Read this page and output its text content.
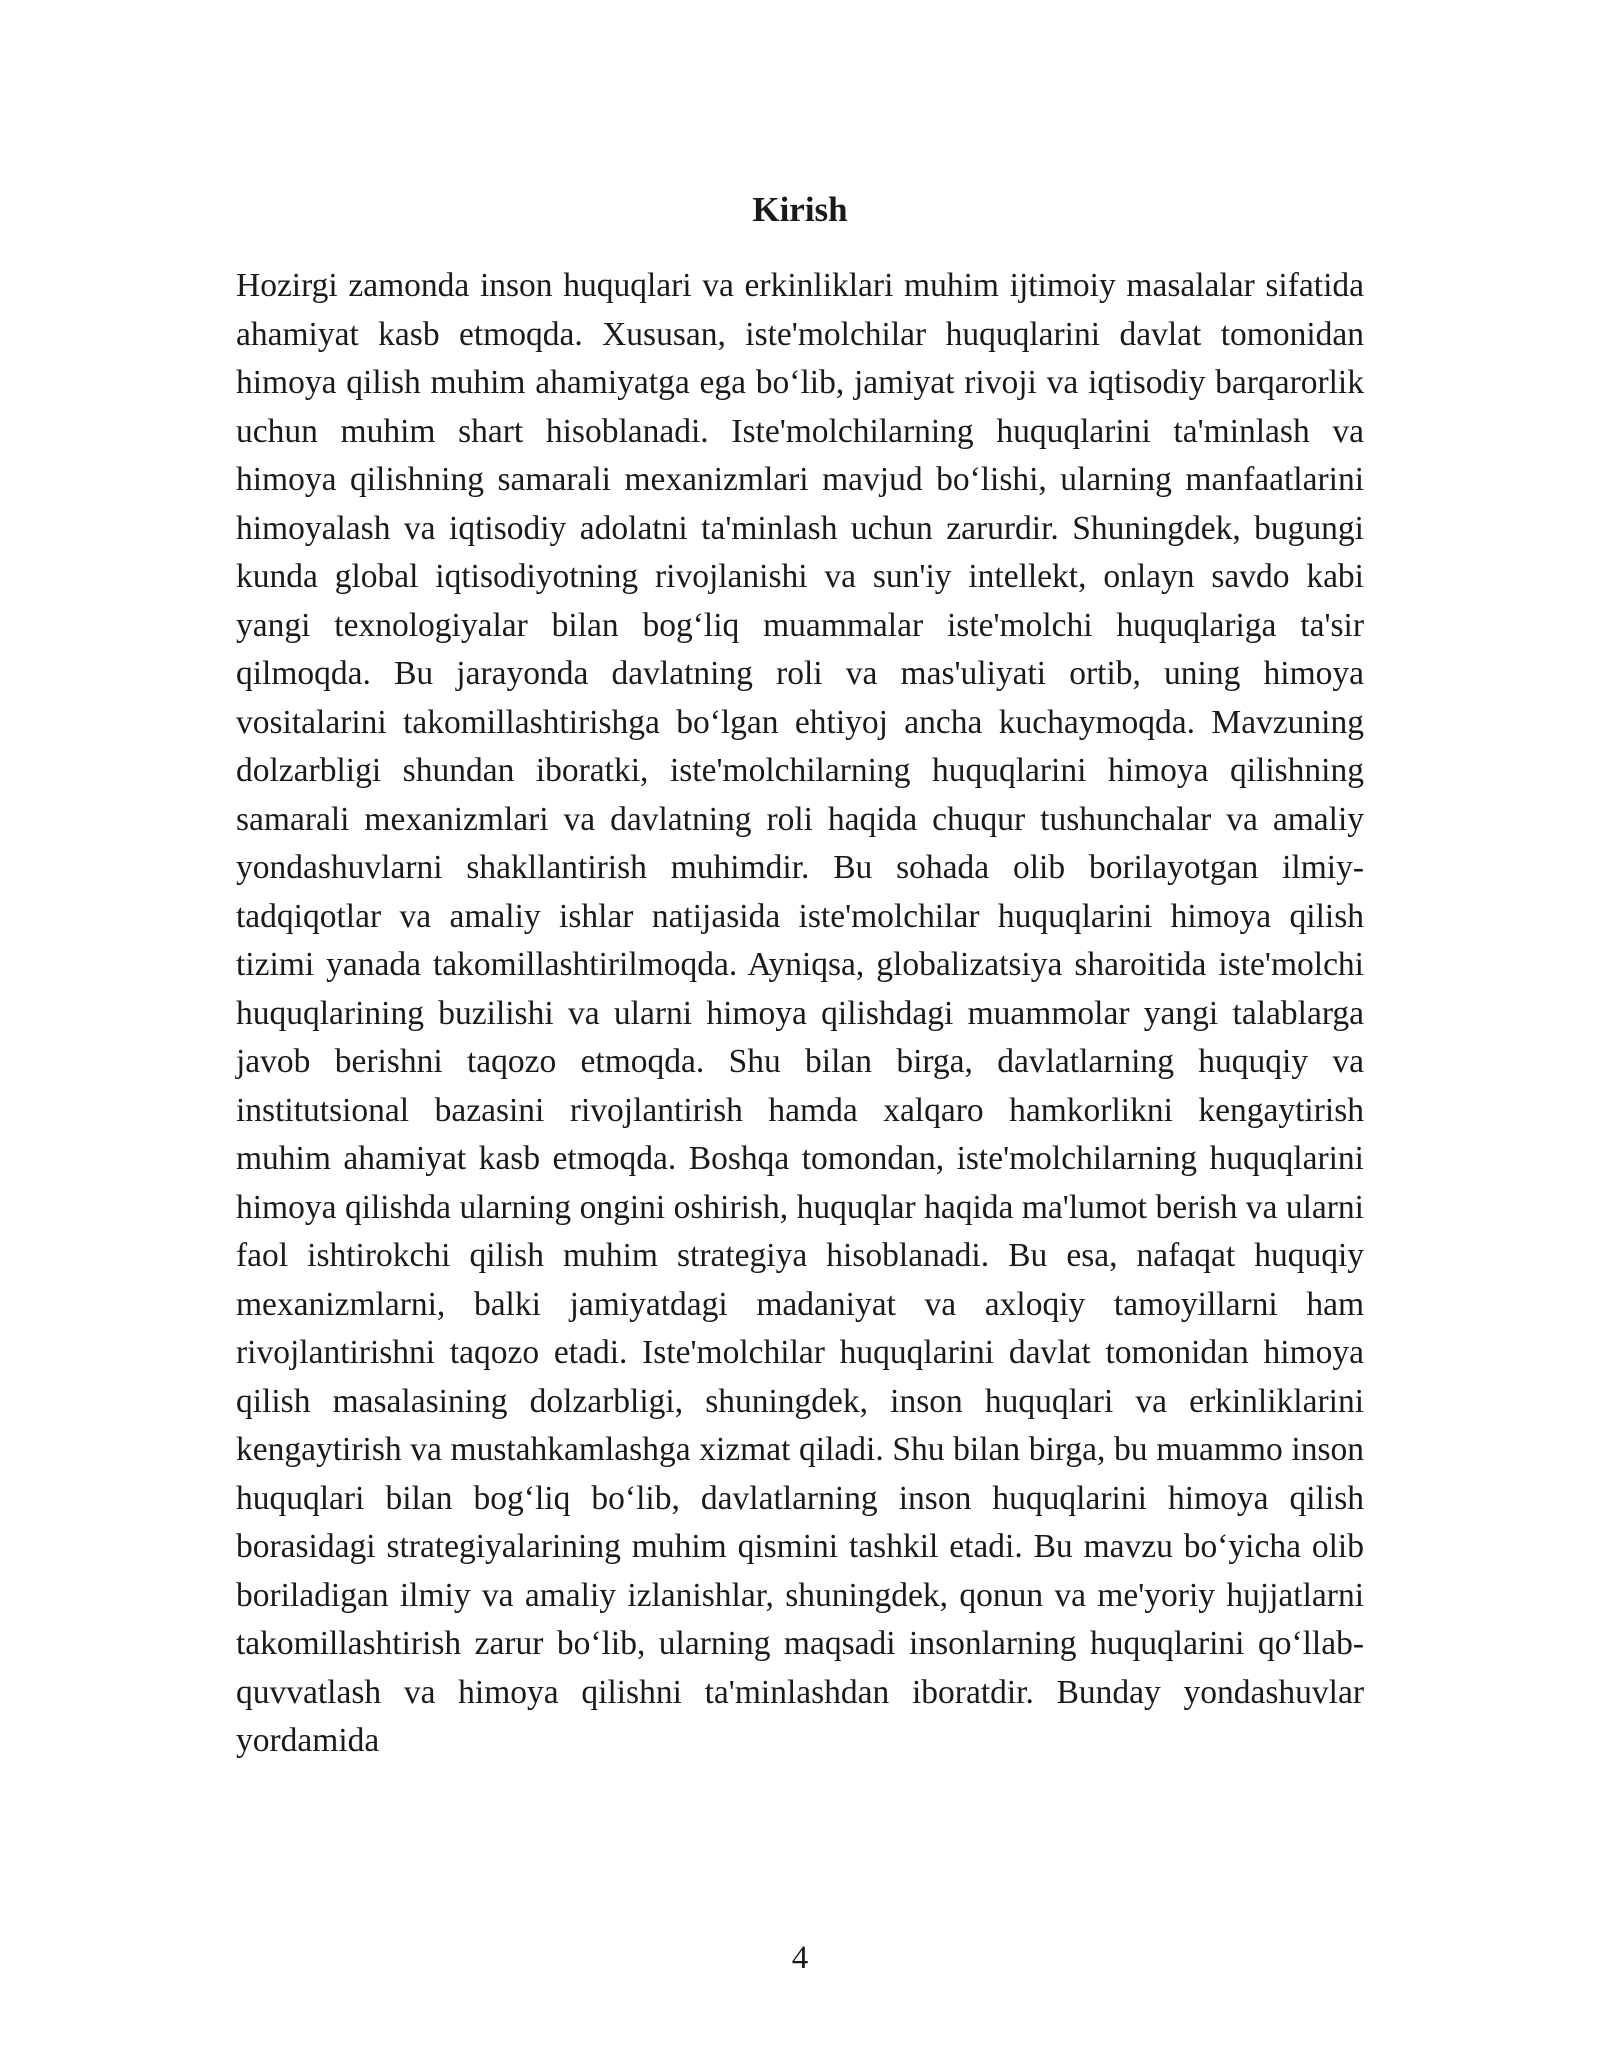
Kirish

Hozirgi zamonda inson huquqlari va erkinliklari muhim ijtimoiy masalalar sifatida ahamiyat kasb etmoqda. Xususan, iste'molchilar huquqlarini davlat tomonidan himoya qilish muhim ahamiyatga ega boʻlib, jamiyat rivoji va iqtisodiy barqarorlik uchun muhim shart hisoblanadi. Iste'molchilarning huquqlarini ta'minlash va himoya qilishning samarali mexanizmlari mavjud boʻlishi, ularning manfaatlarini himoyalash va iqtisodiy adolatni ta'minlash uchun zarurdir. Shuningdek, bugungi kunda global iqtisodiyotning rivojlanishi va sun'iy intellekt, onlayn savdo kabi yangi texnologiyalar bilan bogʻliq muammalar iste'molchi huquqlariga ta'sir qilmoqda. Bu jarayonda davlatning roli va mas'uliyati ortib, uning himoya vositalarini takomillashtirishga boʻlgan ehtiyoj ancha kuchaymoqda. Mavzuning dolzarbligi shundan iboratki, iste'molchilarning huquqlarini himoya qilishning samarali mexanizmlari va davlatning roli haqida chuqur tushunchalar va amaliy yondashuvlarni shakllantirish muhimdir. Bu sohada olib borilayotgan ilmiy-tadqiqotlar va amaliy ishlar natijasida iste'molchilar huquqlarini himoya qilish tizimi yanada takomillashtirilmoqda. Ayniqsa, globalizatsiya sharoitida iste'molchi huquqlarining buzilishi va ularni himoya qilishdagi muammolar yangi talablarga javob berishni taqozo etmoqda. Shu bilan birga, davlatlarning huquqiy va institutsional bazasini rivojlantirish hamda xalqaro hamkorlikni kengaytirish muhim ahamiyat kasb etmoqda. Boshqa tomondan, iste'molchilarning huquqlarini himoya qilishda ularning ongini oshirish, huquqlar haqida ma'lumot berish va ularni faol ishtirokchi qilish muhim strategiya hisoblanadi. Bu esa, nafaqat huquqiy mexanizmlarni, balki jamiyatdagi madaniyat va axloqiy tamoyillarni ham rivojlantirishni taqozo etadi. Iste'molchilar huquqlarini davlat tomonidan himoya qilish masalasining dolzarbligi, shuningdek, inson huquqlari va erkinliklarini kengaytirish va mustahkamlashga xizmat qiladi. Shu bilan birga, bu muammo inson huquqlari bilan bogʻliq boʻlib, davlatlarning inson huquqlarini himoya qilish borasidagi strategiyalarining muhim qismini tashkil etadi. Bu mavzu boʻyicha olib boriladigan ilmiy va amaliy izlanishlar, shuningdek, qonun va me'yoriy hujjatlarni takomillashtirish zarur boʻlib, ularning maqsadi insonlarning huquqlarini qoʻllab-quvvatlash va himoya qilishni ta'minlashdan iboratdir. Bunday yondashuvlar yordamida

4
